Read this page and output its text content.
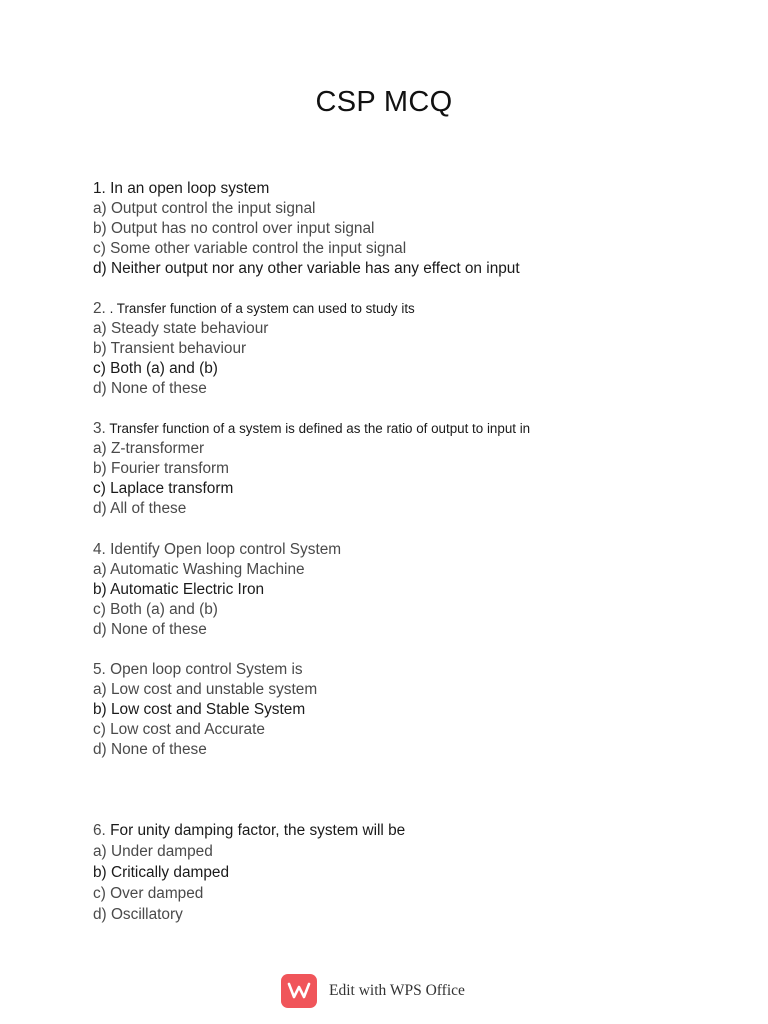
CSP MCQ
1. In an open loop system
a) Output control the input signal
b) Output has no control over input signal
c) Some other variable control the input signal
d) Neither output nor any other variable has any effect on input
2. . Transfer function of a system can used to study its
a) Steady state behaviour
b) Transient behaviour
c) Both (a) and (b)
d) None of these
3. Transfer function of a system is defined as the ratio of output to input in
a) Z-transformer
b) Fourier transform
c) Laplace transform
d) All of these
4. Identify Open loop control System
a) Automatic Washing Machine
b) Automatic Electric Iron
c) Both (a) and (b)
d) None of these
5. Open loop control System is
a) Low cost and unstable system
b) Low cost and Stable System
c) Low cost and Accurate
d) None of these
6. For unity damping factor, the system will be
a) Under damped
b) Critically damped
c) Over damped
d) Oscillatory
Edit with WPS Office
